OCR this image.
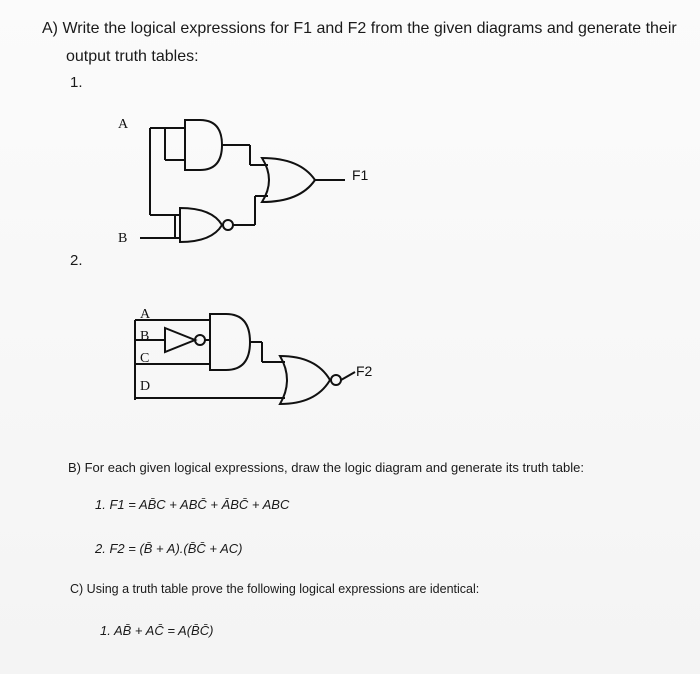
A) Write the logical expressions for F1 and F2 from the given diagrams and generate their
output truth tables:
1.
2.
A
B
F1
A
B
C
D
F2
B) For each given logical expressions, draw the logic diagram and generate its truth table:
1. F1 = AB̄C + ABC̄ + ĀBC̄ + ABC
2. F2 = (B̄ + A).(B̄C̄ + AC)
C) Using a truth table prove the following logical expressions are identical:
1. AB̄ + AC̄ = A(B̄C̄)
